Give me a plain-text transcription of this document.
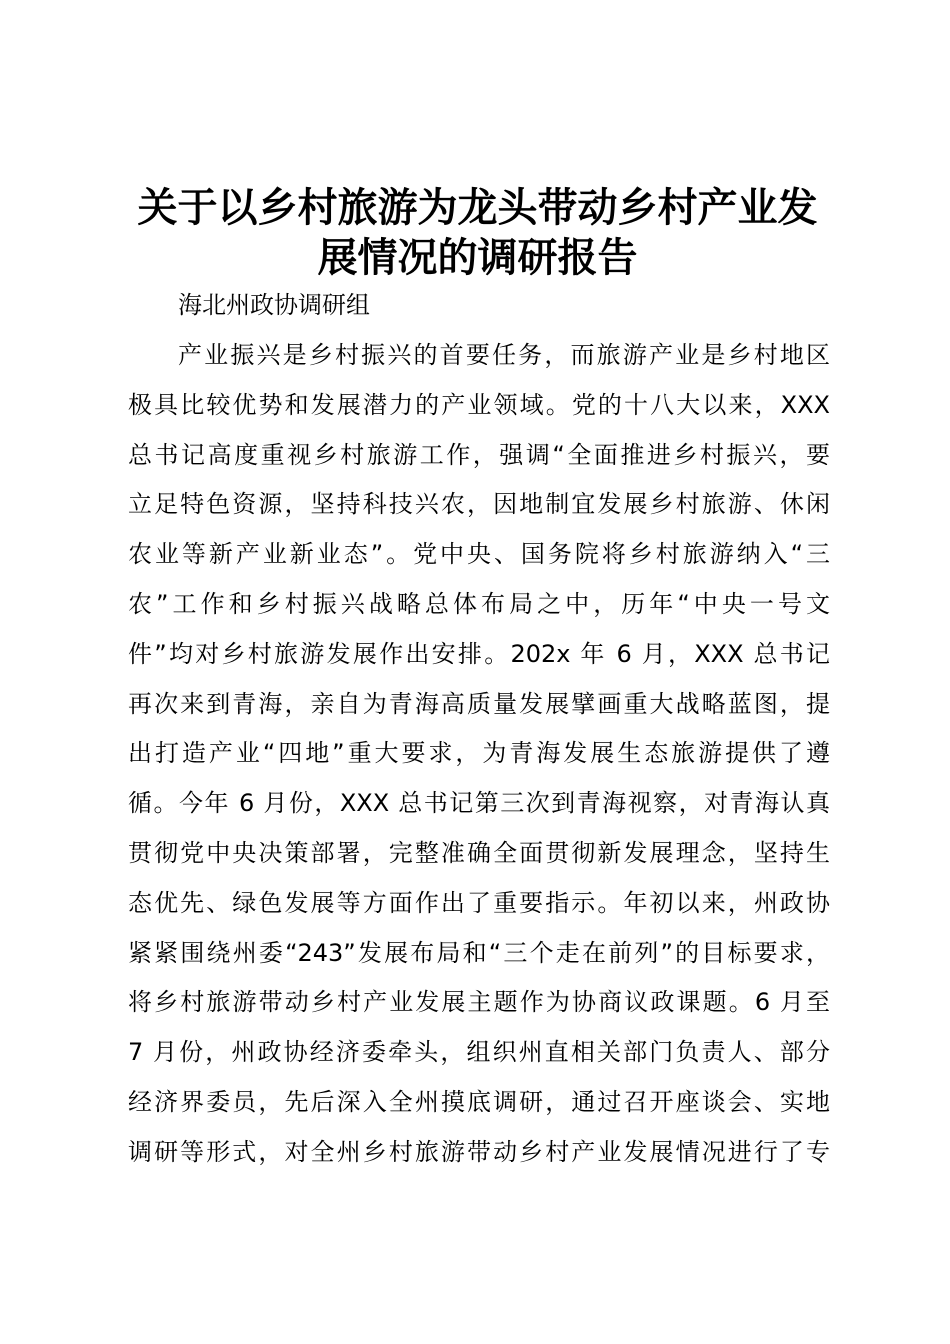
关于以乡村旅游为龙头带动乡村产业发
展情况的调研报告
海北州政协调研组
产业振兴是乡村振兴的首要任务，而旅游产业是乡村地区
极具比较优势和发展潜力的产业领域。党的十八大以来，XXX
总书记高度重视乡村旅游工作，强调“全面推进乡村振兴，要
立足特色资源，坚持科技兴农，因地制宜发展乡村旅游、休闲
农业等新产业新业态”。党中央、国务院将乡村旅游纳入“三
农”工作和乡村振兴战略总体布局之中，历年“中央一号文
件”均对乡村旅游发展作出安排。202x 年 6 月，XXX 总书记
再次来到青海，亲自为青海高质量发展擘画重大战略蓝图，提
出打造产业“四地”重大要求，为青海发展生态旅游提供了遵
循。今年 6 月份，XXX 总书记第三次到青海视察，对青海认真
贯彻党中央决策部署，完整准确全面贯彻新发展理念，坚持生
态优先、绿色发展等方面作出了重要指示。年初以来，州政协
紧紧围绕州委“243”发展布局和“三个走在前列”的目标要求，
将乡村旅游带动乡村产业发展主题作为协商议政课题。6 月至
7 月份，州政协经济委牵头，组织州直相关部门负责人、部分
经济界委员，先后深入全州摸底调研，通过召开座谈会、实地
调研等形式，对全州乡村旅游带动乡村产业发展情况进行了专
